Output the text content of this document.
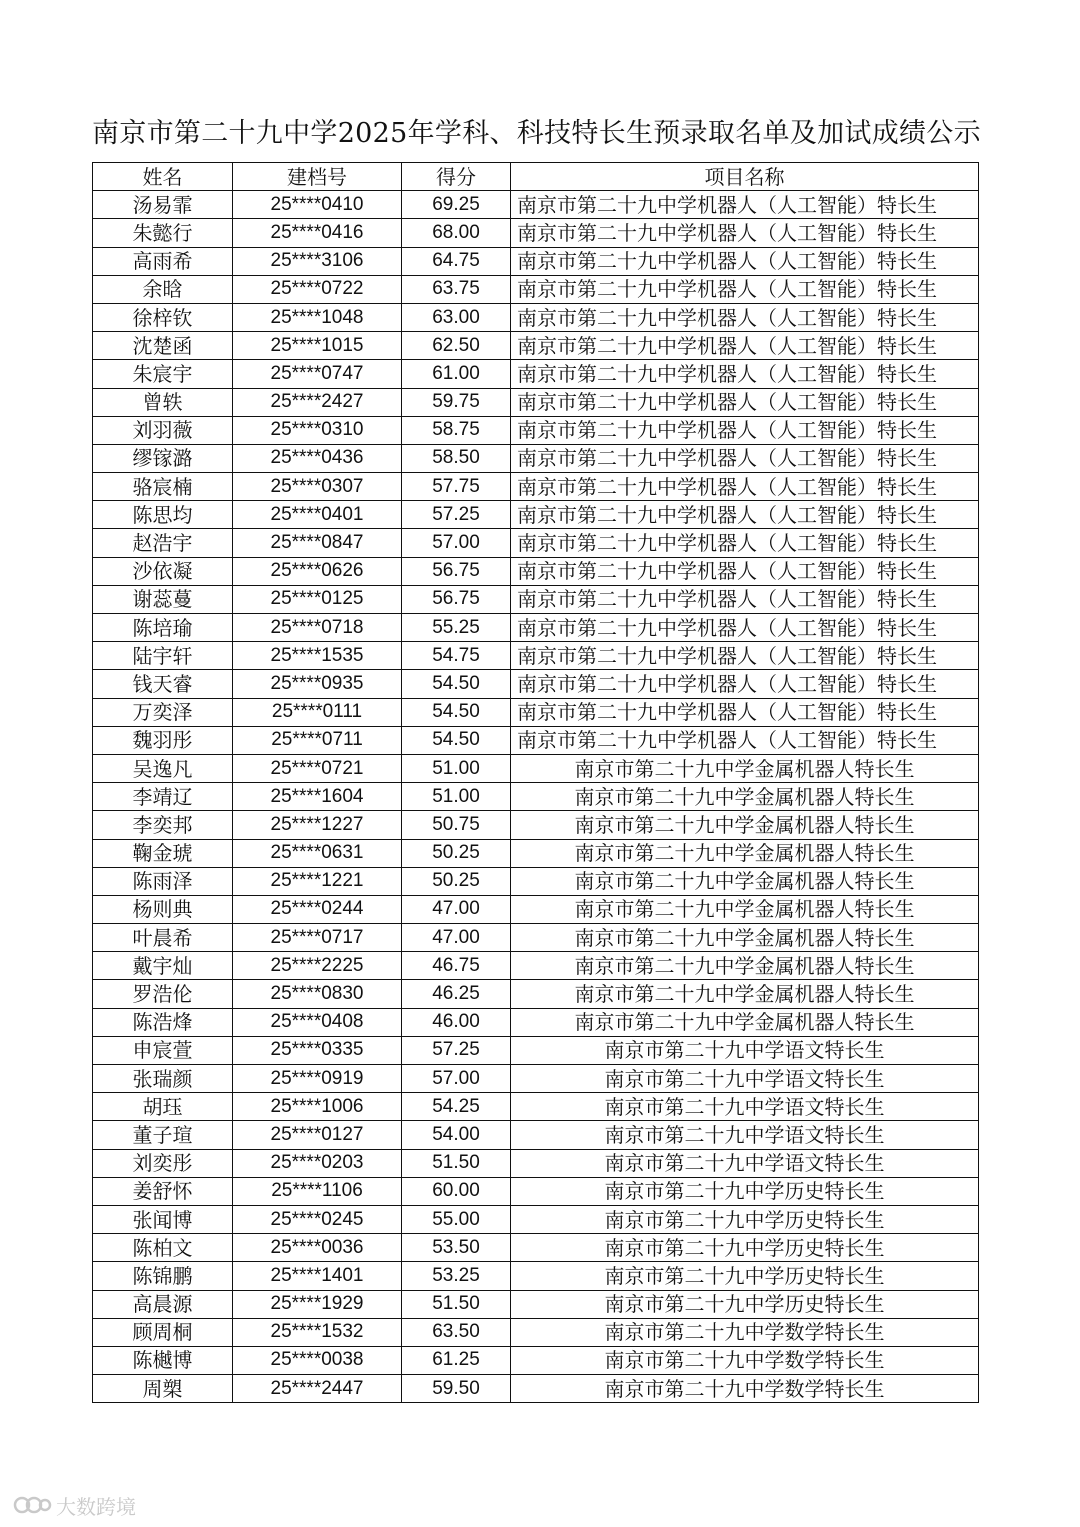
南京市第二十九中学2025年学科、科技特长生预录取名单及加试成绩公示
姓名	建档号	得分	项目名称
汤易霏	25****0410	69.25	南京市第二十九中学机器人（人工智能）特长生
朱懿行	25****0416	68.00	南京市第二十九中学机器人（人工智能）特长生
高雨希	25****3106	64.75	南京市第二十九中学机器人（人工智能）特长生
余晗	25****0722	63.75	南京市第二十九中学机器人（人工智能）特长生
徐梓钦	25****1048	63.00	南京市第二十九中学机器人（人工智能）特长生
沈楚函	25****1015	62.50	南京市第二十九中学机器人（人工智能）特长生
朱宸宇	25****0747	61.00	南京市第二十九中学机器人（人工智能）特长生
曾轶	25****2427	59.75	南京市第二十九中学机器人（人工智能）特长生
刘羽薇	25****0310	58.75	南京市第二十九中学机器人（人工智能）特长生
缪镓潞	25****0436	58.50	南京市第二十九中学机器人（人工智能）特长生
骆宸楠	25****0307	57.75	南京市第二十九中学机器人（人工智能）特长生
陈思均	25****0401	57.25	南京市第二十九中学机器人（人工智能）特长生
赵浩宇	25****0847	57.00	南京市第二十九中学机器人（人工智能）特长生
沙依凝	25****0626	56.75	南京市第二十九中学机器人（人工智能）特长生
谢蕊蔓	25****0125	56.75	南京市第二十九中学机器人（人工智能）特长生
陈培瑜	25****0718	55.25	南京市第二十九中学机器人（人工智能）特长生
陆宇轩	25****1535	54.75	南京市第二十九中学机器人（人工智能）特长生
钱天睿	25****0935	54.50	南京市第二十九中学机器人（人工智能）特长生
万奕泽	25****0111	54.50	南京市第二十九中学机器人（人工智能）特长生
魏羽彤	25****0711	54.50	南京市第二十九中学机器人（人工智能）特长生
吴逸凡	25****0721	51.00	南京市第二十九中学金属机器人特长生
李靖辽	25****1604	51.00	南京市第二十九中学金属机器人特长生
李奕邦	25****1227	50.75	南京市第二十九中学金属机器人特长生
鞠金琥	25****0631	50.25	南京市第二十九中学金属机器人特长生
陈雨泽	25****1221	50.25	南京市第二十九中学金属机器人特长生
杨则典	25****0244	47.00	南京市第二十九中学金属机器人特长生
叶晨希	25****0717	47.00	南京市第二十九中学金属机器人特长生
戴宇灿	25****2225	46.75	南京市第二十九中学金属机器人特长生
罗浩伦	25****0830	46.25	南京市第二十九中学金属机器人特长生
陈浩烽	25****0408	46.00	南京市第二十九中学金属机器人特长生
申宸萱	25****0335	57.25	南京市第二十九中学语文特长生
张瑞颜	25****0919	57.00	南京市第二十九中学语文特长生
胡珏	25****1006	54.25	南京市第二十九中学语文特长生
董子瑄	25****0127	54.00	南京市第二十九中学语文特长生
刘奕彤	25****0203	51.50	南京市第二十九中学语文特长生
姜舒怀	25****1106	60.00	南京市第二十九中学历史特长生
张闻博	25****0245	55.00	南京市第二十九中学历史特长生
陈柏文	25****0036	53.50	南京市第二十九中学历史特长生
陈锦鹏	25****1401	53.25	南京市第二十九中学历史特长生
高晨源	25****1929	51.50	南京市第二十九中学历史特长生
顾周桐	25****1532	63.50	南京市第二十九中学数学特长生
陈樾博	25****0038	61.25	南京市第二十九中学数学特长生
周槊	25****2447	59.50	南京市第二十九中学数学特长生
大数跨境
